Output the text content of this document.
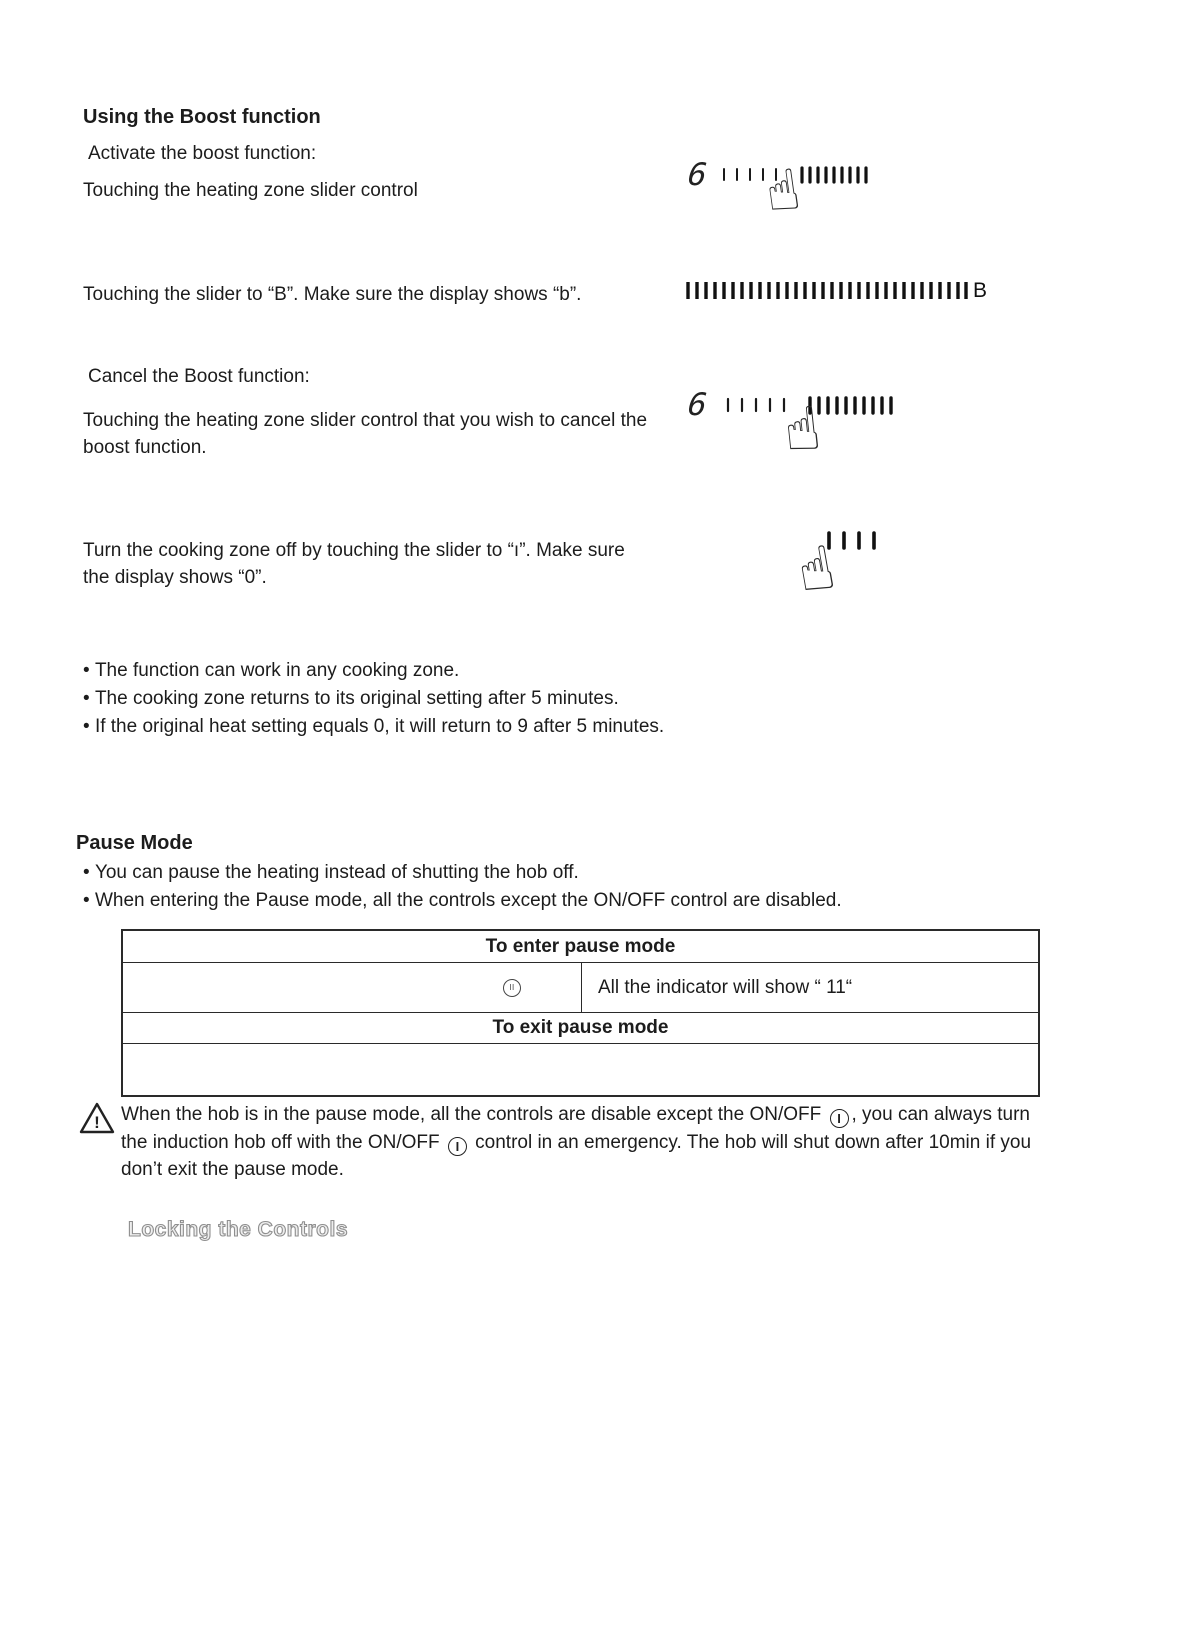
Using the Boost function
Activate the boost function:
Touching the heating zone slider control	6 ☝
Touching the slider to “B”. Make sure the display shows “b”.	B
Cancel the Boost function:
Touching the heating zone slider control that you wish to cancel the boost function.
6 ☝
Turn the cooking zone off by touching the slider to “ı”. Make sure the display shows “0”.	☝
• The function can work in any cooking zone.
• The cooking zone returns to its original setting after 5 minutes.
• If the original heat setting equals 0, it will return to 9 after 5 minutes.
Pause Mode
• You can pause the heating instead of shutting the hob off.
• When entering the Pause mode, all the controls except the ON/OFF control are disabled.
To enter pause mode
II	All the indicator will show “ 11“
To exit pause mode
! When the hob is in the pause mode, all the controls are disable except the ON/OFF I , you can always turn the induction hob off with the ON/OFF I control in an emergency. The hob will shut down after 10min if you don’t exit the pause mode.
Locking the Controls
